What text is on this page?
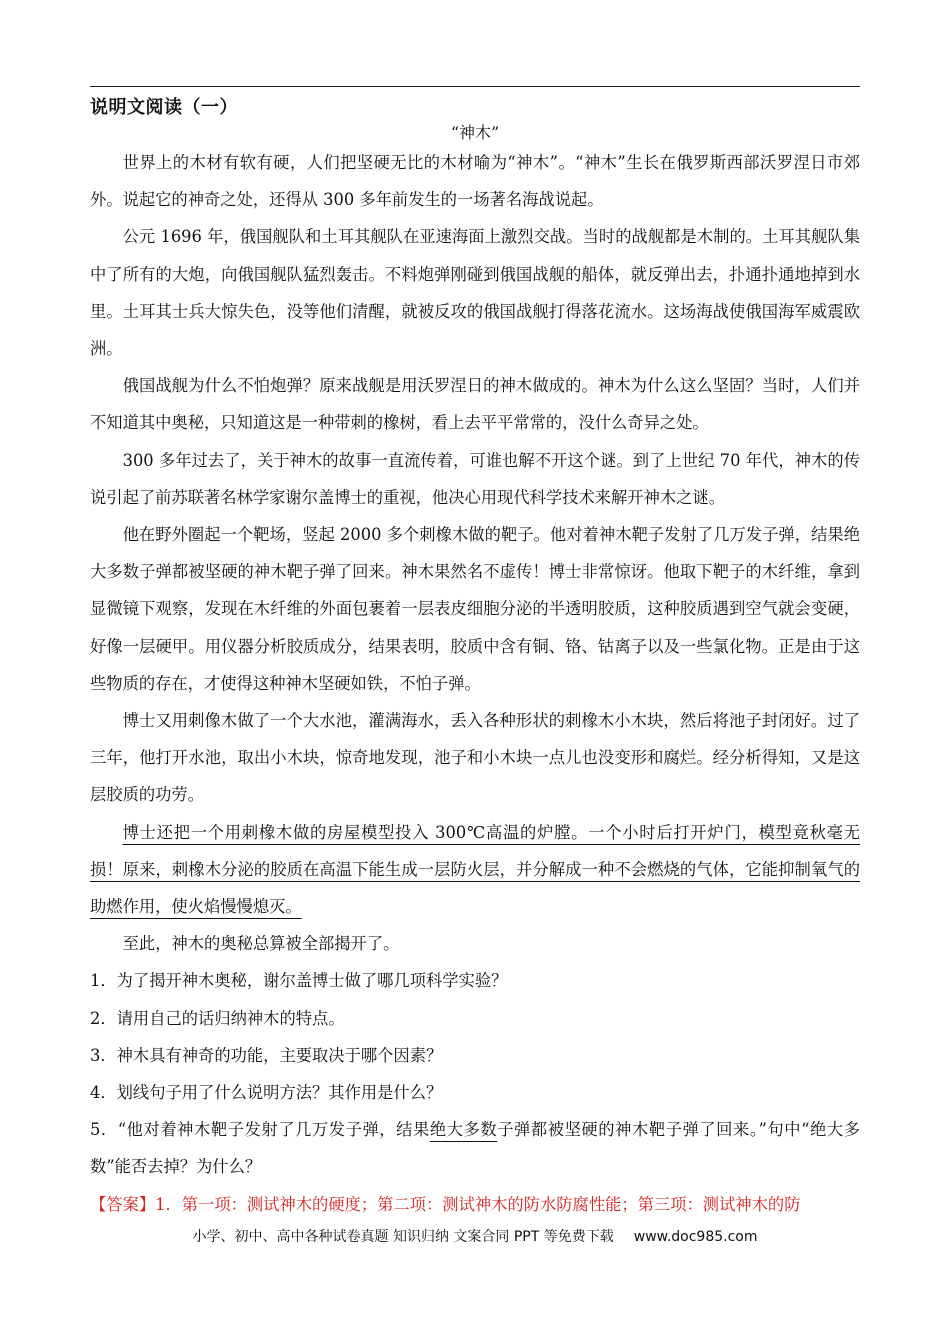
说明文阅读（一）
“神木”

世界上的木材有软有硬，人们把坚硬无比的木材喻为“神木”。“神木”生长在俄罗斯西部沃罗涅日市郊外。说起它的神奇之处，还得从 300 多年前发生的一场著名海战说起。

公元 1696 年，俄国舰队和土耳其舰队在亚速海面上激烈交战。当时的战舰都是木制的。土耳其舰队集中了所有的大炮，向俄国舰队猛烈轰击。不料炮弹刚碰到俄国战舰的船体，就反弹出去，扑通扑通地掉到水里。土耳其士兵大惊失色，没等他们清醒，就被反攻的俄国战舰打得落花流水。这场海战使俄国海军威震欧洲。

俄国战舰为什么不怕炮弹？原来战舰是用沃罗涅日的神木做成的。神木为什么这么坚固？当时，人们并不知道其中奥秘，只知道这是一种带刺的橡树，看上去平平常常的，没什么奇异之处。

300 多年过去了，关于神木的故事一直流传着，可谁也解不开这个谜。到了上世纪 70 年代，神木的传说引起了前苏联著名林学家谢尔盖博士的重视，他决心用现代科学技术来解开神木之谜。

他在野外圈起一个靶场，竖起 2000 多个刺橡木做的靶子。他对着神木靶子发射了几万发子弹，结果绝大多数子弹都被坚硬的神木靶子弹了回来。神木果然名不虚传！博士非常惊讶。他取下靶子的木纤维，拿到显微镜下观察，发现在木纤维的外面包裹着一层表皮细胞分泌的半透明胶质，这种胶质遇到空气就会变硬，好像一层硬甲。用仪器分析胶质成分，结果表明，胶质中含有铜、铬、钴离子以及一些氯化物。正是由于这些物质的存在，才使得这种神木坚硬如铁，不怕子弹。

博士又用刺像木做了一个大水池，灌满海水，丢入各种形状的刺橡木小木块，然后将池子封闭好。过了三年，他打开水池，取出小木块，惊奇地发现，池子和小木块一点儿也没变形和腐烂。经分析得知，又是这层胶质的功劳。

博士还把一个用刺橡木做的房屋模型投入 300℃高温的炉膛。一个小时后打开炉门，模型竟秋毫无损！原来，刺橡木分泌的胶质在高温下能生成一层防火层，并分解成一种不会燃烧的气体，它能抑制氧气的助燃作用，使火焰慢慢熄灭。

至此，神木的奥秘总算被全部揭开了。

1．为了揭开神木奥秘，谢尔盖博士做了哪几项科学实验？

2．请用自己的话归纳神木的特点。

3．神木具有神奇的功能，主要取决于哪个因素？

4．划线句子用了什么说明方法？其作用是什么？

5．“他对着神木靶子发射了几万发子弹，结果绝大多数子弹都被坚硬的神木靶子弹了回来。”句中“绝大多数”能否去掉？为什么？

【答案】1．第一项：测试神木的硬度；第二项：测试神木的防水防腐性能；第三项：测试神木的防

小学、初中、高中各种试卷真题 知识归纳 文案合同 PPT 等免费下载 www.doc985.com
